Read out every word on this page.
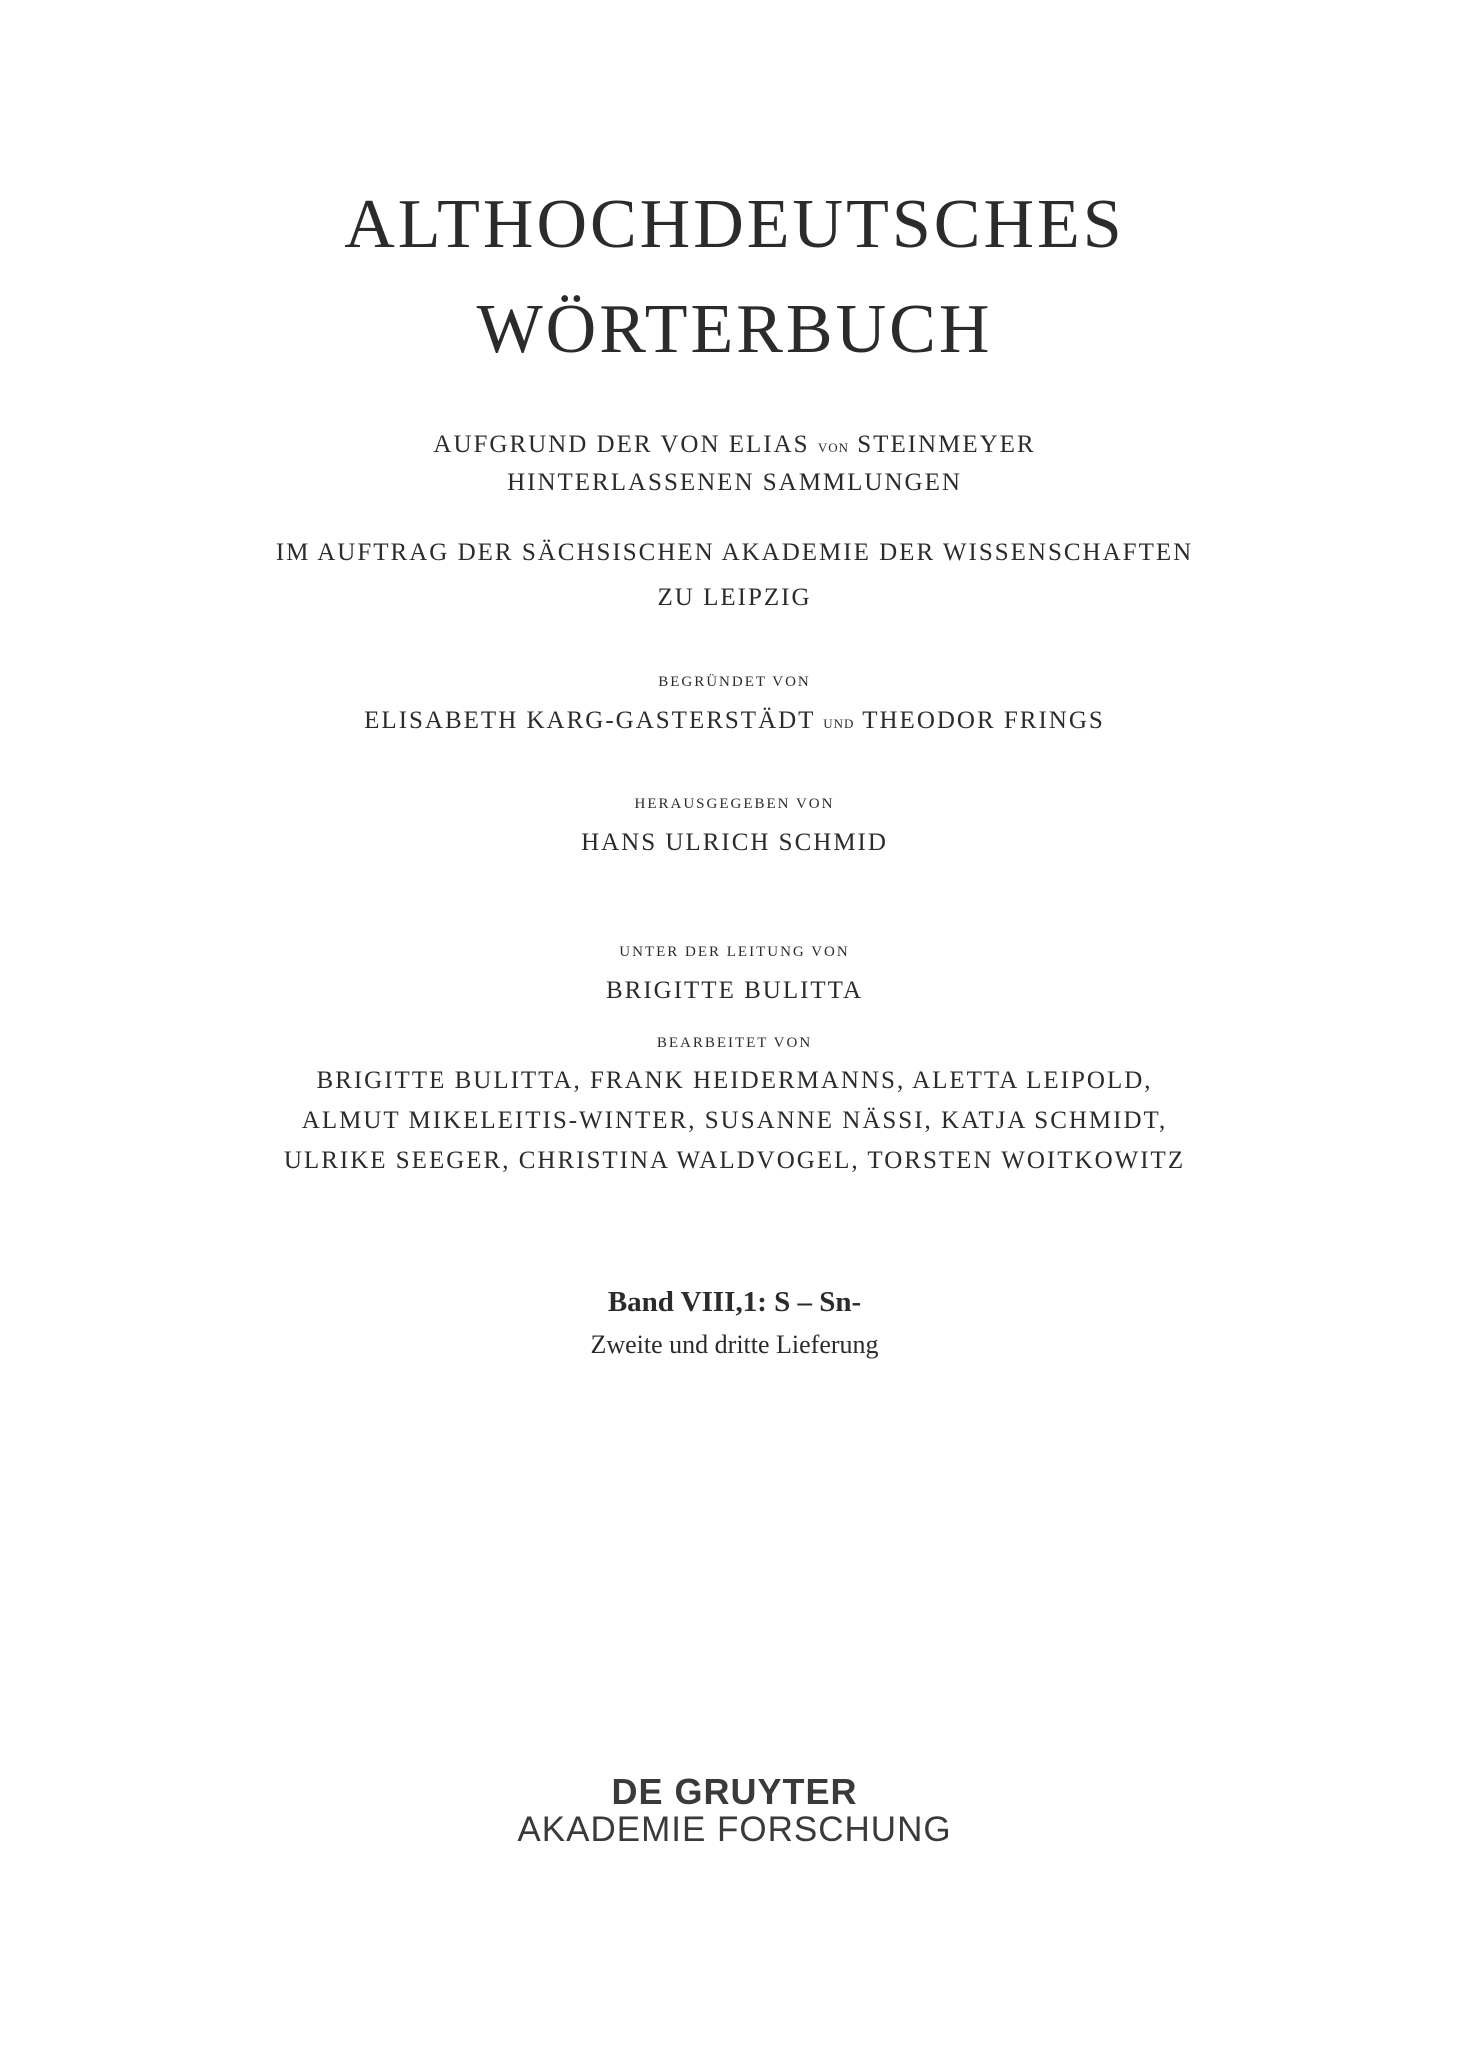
ALTHOCHDEUTSCHES
WÖRTERBUCH
AUFGRUND DER VON ELIAS VON STEINMEYER
HINTERLASSENEN SAMMLUNGEN
IM AUFTRAG DER SÄCHSISCHEN AKADEMIE DER WISSENSCHAFTEN
ZU LEIPZIG
BEGRÜNDET VON
ELISABETH KARG-GASTERSTÄDT UND THEODOR FRINGS
HERAUSGEGEBEN VON
HANS ULRICH SCHMID
UNTER DER LEITUNG VON
BRIGITTE BULITTA
BEARBEITET VON
BRIGITTE BULITTA, FRANK HEIDERMANNS, ALETTA LEIPOLD,
ALMUT MIKELEITIS-WINTER, SUSANNE NÄSSI, KATJA SCHMIDT,
ULRIKE SEEGER, CHRISTINA WALDVOGEL, TORSTEN WOITKOWITZ
Band VIII,1: S – Sn-
Zweite und dritte Lieferung
DE GRUYTER
AKADEMIE FORSCHUNG
